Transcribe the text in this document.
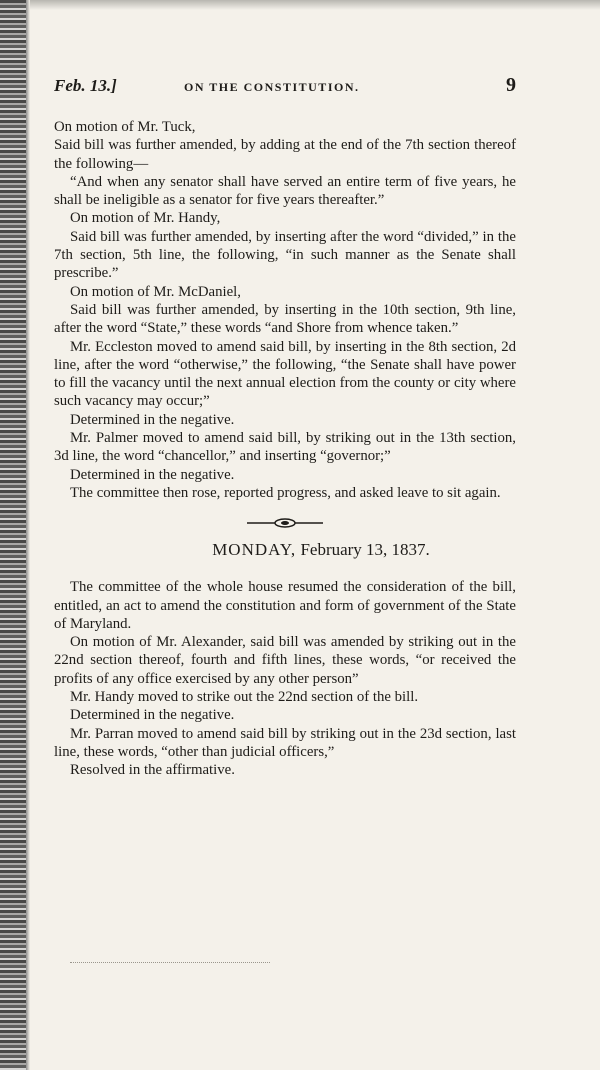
Feb. 13.]	ON THE CONSTITUTION.	9

On motion of Mr. Tuck,

Said bill was further amended, by adding at the end of the 7th section thereof the following—

“And when any senator shall have served an entire term of five years, he shall be ineligible as a senator for five years thereafter.”

On motion of Mr. Handy,

Said bill was further amended, by inserting after the word “divided,” in the 7th section, 5th line, the following, “in such manner as the Senate shall prescribe.”

On motion of Mr. McDaniel,

Said bill was further amended, by inserting in the 10th section, 9th line, after the word “State,” these words “and Shore from whence taken.”

Mr. Eccleston moved to amend said bill, by inserting in the 8th section, 2d line, after the word “otherwise,” the following, “the Senate shall have power to fill the vacancy until the next annual election from the county or city where such vacancy may occur;”

Determined in the negative.

Mr. Palmer moved to amend said bill, by striking out in the 13th section, 3d line, the word “chancellor,” and inserting “governor;”

Determined in the negative.

The committee then rose, reported progress, and asked leave to sit again.

MONDAY, February 13, 1837.

The committee of the whole house resumed the consideration of the bill, entitled, an act to amend the constitution and form of government of the State of Maryland.

On motion of Mr. Alexander, said bill was amended by striking out in the 22nd section thereof, fourth and fifth lines, these words, “or received the profits of any office exercised by any other person”

Mr. Handy moved to strike out the 22nd section of the bill.

Determined in the negative.

Mr. Parran moved to amend said bill by striking out in the 23d section, last line, these words, “other than judicial officers,”

Resolved in the affirmative.
